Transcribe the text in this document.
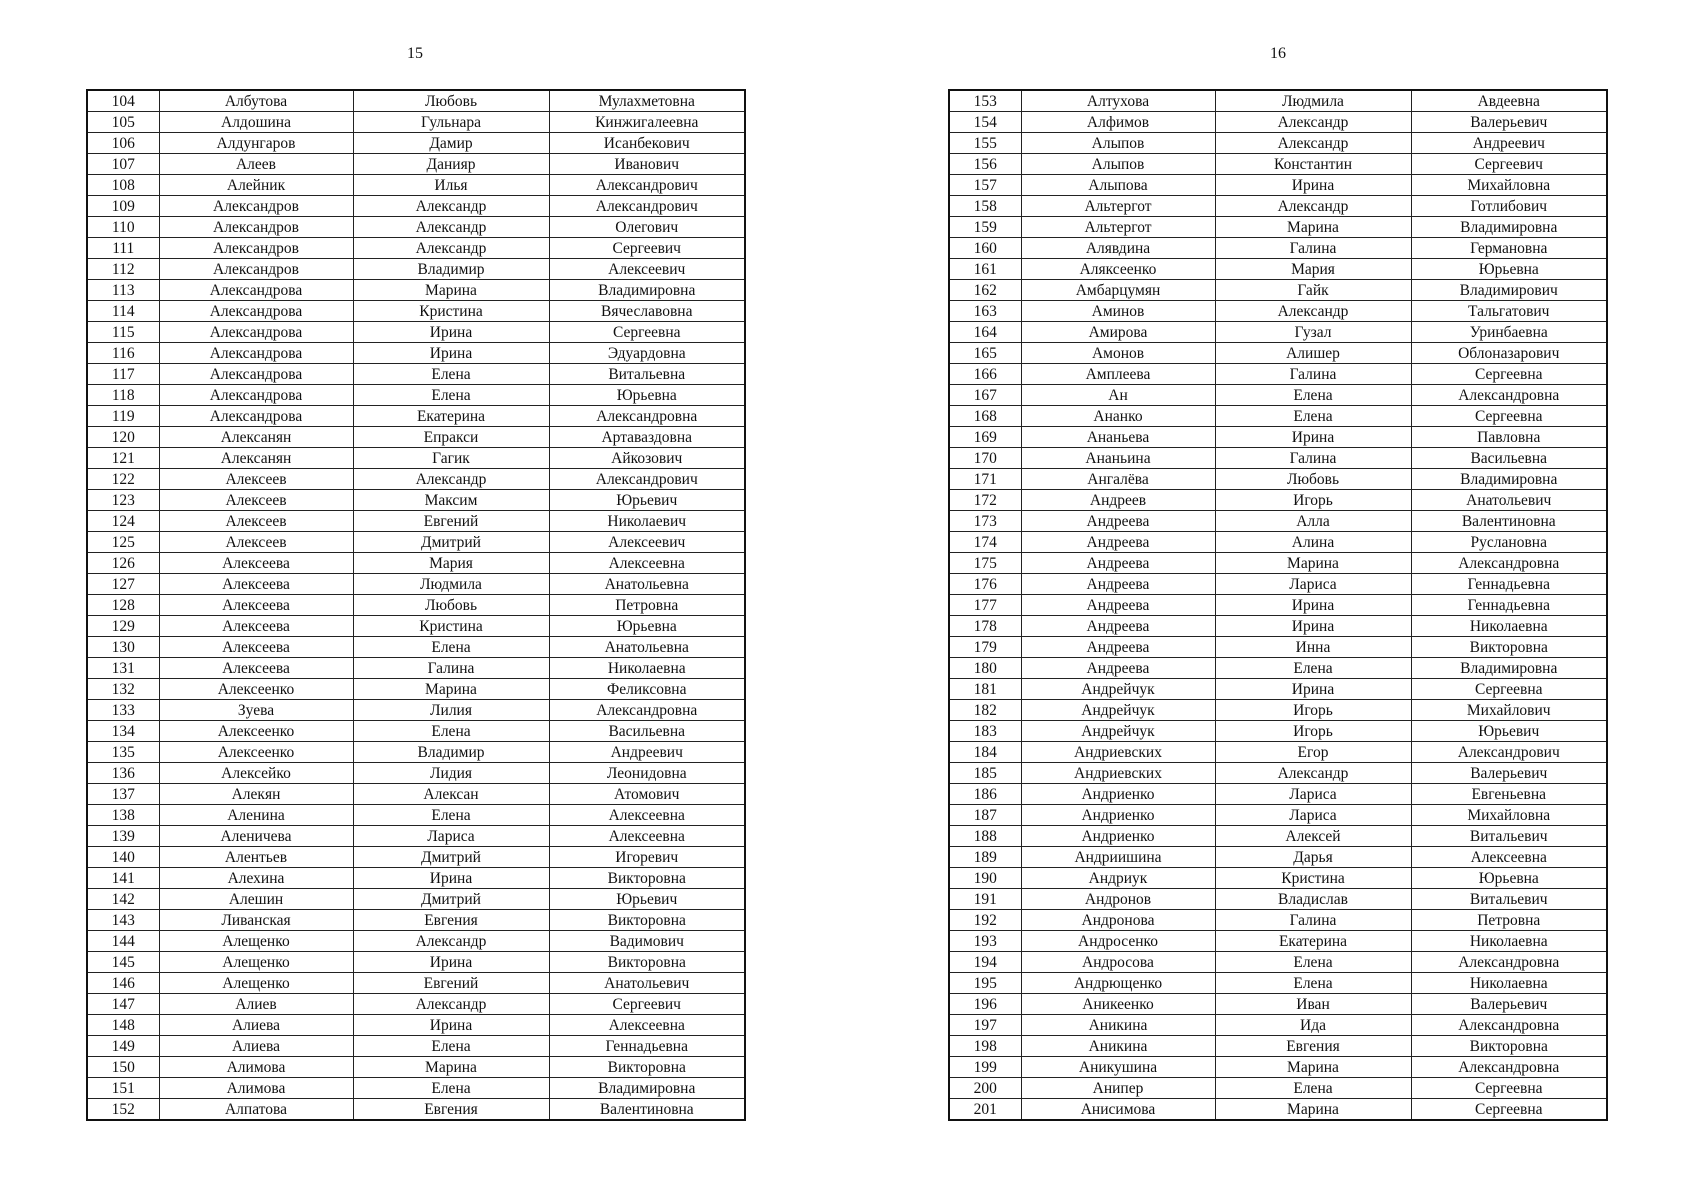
15
104	Албутова	Любовь	Мулахметовна
105	Алдошина	Гульнара	Кинжигалеевна
106	Алдунгаров	Дамир	Исанбекович
107	Алеев	Данияр	Иванович
108	Алейник	Илья	Александрович
109	Александров	Александр	Александрович
110	Александров	Александр	Олегович
111	Александров	Александр	Сергеевич
112	Александров	Владимир	Алексеевич
113	Александрова	Марина	Владимировна
114	Александрова	Кристина	Вячеславовна
115	Александрова	Ирина	Сергеевна
116	Александрова	Ирина	Эдуардовна
117	Александрова	Елена	Витальевна
118	Александрова	Елена	Юрьевна
119	Александрова	Екатерина	Александровна
120	Алексанян	Епракси	Артаваздовна
121	Алексанян	Гагик	Айкозович
122	Алексеев	Александр	Александрович
123	Алексеев	Максим	Юрьевич
124	Алексеев	Евгений	Николаевич
125	Алексеев	Дмитрий	Алексеевич
126	Алексеева	Мария	Алексеевна
127	Алексеева	Людмила	Анатольевна
128	Алексеева	Любовь	Петровна
129	Алексеева	Кристина	Юрьевна
130	Алексеева	Елена	Анатольевна
131	Алексеева	Галина	Николаевна
132	Алексеенко	Марина	Феликсовна
133	Зуева	Лилия	Александровна
134	Алексеенко	Елена	Васильевна
135	Алексеенко	Владимир	Андреевич
136	Алексейко	Лидия	Леонидовна
137	Алекян	Алексан	Атомович
138	Аленина	Елена	Алексеевна
139	Аленичева	Лариса	Алексеевна
140	Алентьев	Дмитрий	Игоревич
141	Алехина	Ирина	Викторовна
142	Алешин	Дмитрий	Юрьевич
143	Ливанская	Евгения	Викторовна
144	Алещенко	Александр	Вадимович
145	Алещенко	Ирина	Викторовна
146	Алещенко	Евгений	Анатольевич
147	Алиев	Александр	Сергеевич
148	Алиева	Ирина	Алексеевна
149	Алиева	Елена	Геннадьевна
150	Алимова	Марина	Викторовна
151	Алимова	Елена	Владимировна
152	Алпатова	Евгения	Валентиновна
16
153	Алтухова	Людмила	Авдеевна
154	Алфимов	Александр	Валерьевич
155	Алыпов	Александр	Андреевич
156	Алыпов	Константин	Сергеевич
157	Алыпова	Ирина	Михайловна
158	Альтергот	Александр	Готлибович
159	Альтергот	Марина	Владимировна
160	Алявдина	Галина	Германовна
161	Аляксеенко	Мария	Юрьевна
162	Амбарцумян	Гайк	Владимирович
163	Аминов	Александр	Тальгатович
164	Амирова	Гузал	Уринбаевна
165	Амонов	Алишер	Облоназарович
166	Амплеева	Галина	Сергеевна
167	Ан	Елена	Александровна
168	Ананко	Елена	Сергеевна
169	Ананьева	Ирина	Павловна
170	Ананьина	Галина	Васильевна
171	Ангалёва	Любовь	Владимировна
172	Андреев	Игорь	Анатольевич
173	Андреева	Алла	Валентиновна
174	Андреева	Алина	Руслановна
175	Андреева	Марина	Александровна
176	Андреева	Лариса	Геннадьевна
177	Андреева	Ирина	Геннадьевна
178	Андреева	Ирина	Николаевна
179	Андреева	Инна	Викторовна
180	Андреева	Елена	Владимировна
181	Андрейчук	Ирина	Сергеевна
182	Андрейчук	Игорь	Михайлович
183	Андрейчук	Игорь	Юрьевич
184	Андриевских	Егор	Александрович
185	Андриевских	Александр	Валерьевич
186	Андриенко	Лариса	Евгеньевна
187	Андриенко	Лариса	Михайловна
188	Андриенко	Алексей	Витальевич
189	Андриишина	Дарья	Алексеевна
190	Андриук	Кристина	Юрьевна
191	Андронов	Владислав	Витальевич
192	Андронова	Галина	Петровна
193	Андросенко	Екатерина	Николаевна
194	Андросова	Елена	Александровна
195	Андрющенко	Елена	Николаевна
196	Аникеенко	Иван	Валерьевич
197	Аникина	Ида	Александровна
198	Аникина	Евгения	Викторовна
199	Аникушина	Марина	Александровна
200	Анипер	Елена	Сергеевна
201	Анисимова	Марина	Сергеевна
